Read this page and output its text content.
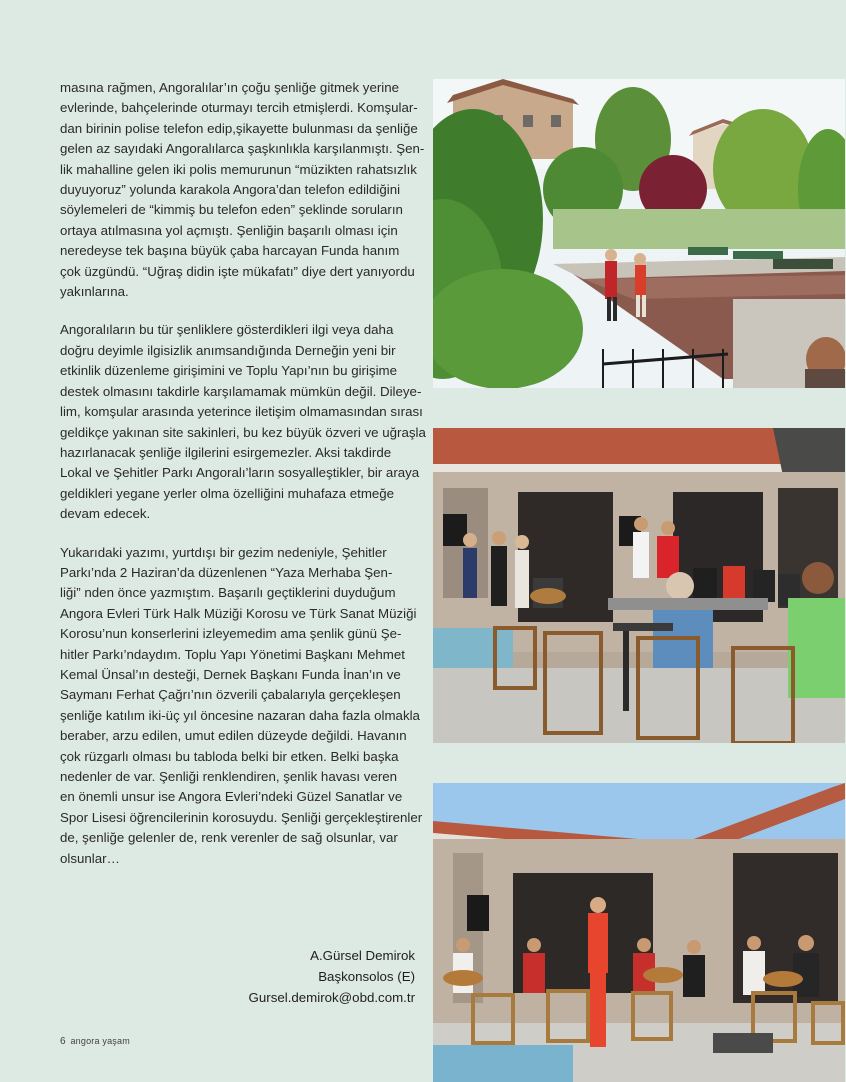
masına rağmen, Angoralılar’ın çoğu şenliğe gitmek yerine
evlerinde, bahçelerinde oturmayı tercih etmişlerdi. Komşular-
dan birinin polise telefon edip,şikayette bulunması da şenliğe
gelen az sayıdaki Angoralılarca şaşkınlıkla karşılanmıştı. Şen-
lik mahalline gelen iki polis memurunun “müzikten rahatsızlık
duyuyoruz” yolunda karakola Angora’dan telefon edildiğini
söylemeleri de “kimmiş bu telefon eden” şeklinde soruların
ortaya atılmasına yol açmıştı. Şenliğin başarılı olması için
neredeyse tek başına büyük çaba harcayan Funda hanım
çok üzgündü. “Uğraş didin işte mükafatı” diye dert yanıyordu
yakınlarına.

Angoralıların bu tür şenliklere gösterdikleri ilgi veya daha
doğru deyimle ilgisizlik anımsandığında Derneğin yeni bir
etkinlik düzenleme girişimini ve Toplu Yapı’nın bu girişime
destek olmasını takdirle karşılamamak mümkün değil. Dileye-
lim, komşular arasında yeterince iletişim olmamasından sırası
geldikçe yakınan site sakinleri, bu kez büyük özveri ve uğraşla
hazırlanacak şenliğe ilgilerini esirgemezler. Aksi takdirde
Lokal ve Şehitler Parkı Angoralı’ların sosyalleştikler, bir araya
geldikleri yegane yerler olma özelliğini muhafaza etmeğe
devam edecek.

Yukarıdaki yazımı, yurtdışı bir gezim nedeniyle, Şehitler
Parkı’nda 2 Haziran’da düzenlenen “Yaza Merhaba Şen-
liği” nden önce yazmıştım. Başarılı geçtiklerini duyduğum
Angora Evleri Türk Halk Müziği Korosu ve Türk Sanat Müziği
Korosu’nun konserlerini izleyemedim ama şenlik günü Şe-
hitler Parkı’ndaydım. Toplu Yapı Yönetimi Başkanı Mehmet
Kemal Ünsal’ın desteği, Dernek Başkanı Funda İnan’ın ve
Saymanı Ferhat Çağrı’nın özverili çabalarıyla gerçekleşen
şenliğe katılım iki-üç yıl öncesine nazaran daha fazla olmakla
beraber, arzu edilen, umut edilen düzeyde değildi. Havanın
çok rüzgarlı olması bu tabloda belki bir etken. Belki başka
nedenler de var. Şenliği renklendiren, şenlik havası veren
en önemli unsur ise Angora Evleri’ndeki Güzel Sanatlar ve
Spor Lisesi öğrencilerinin korosuydu. Şenliği gerçekleştirenler
de, şenliğe gelenler de, renk verenler de sağ olsunlar, var
olsunlar…

A.Gürsel Demirok
Başkonsolos (E)
Gursel.demirok@obd.com.tr
6 angora yaşam
